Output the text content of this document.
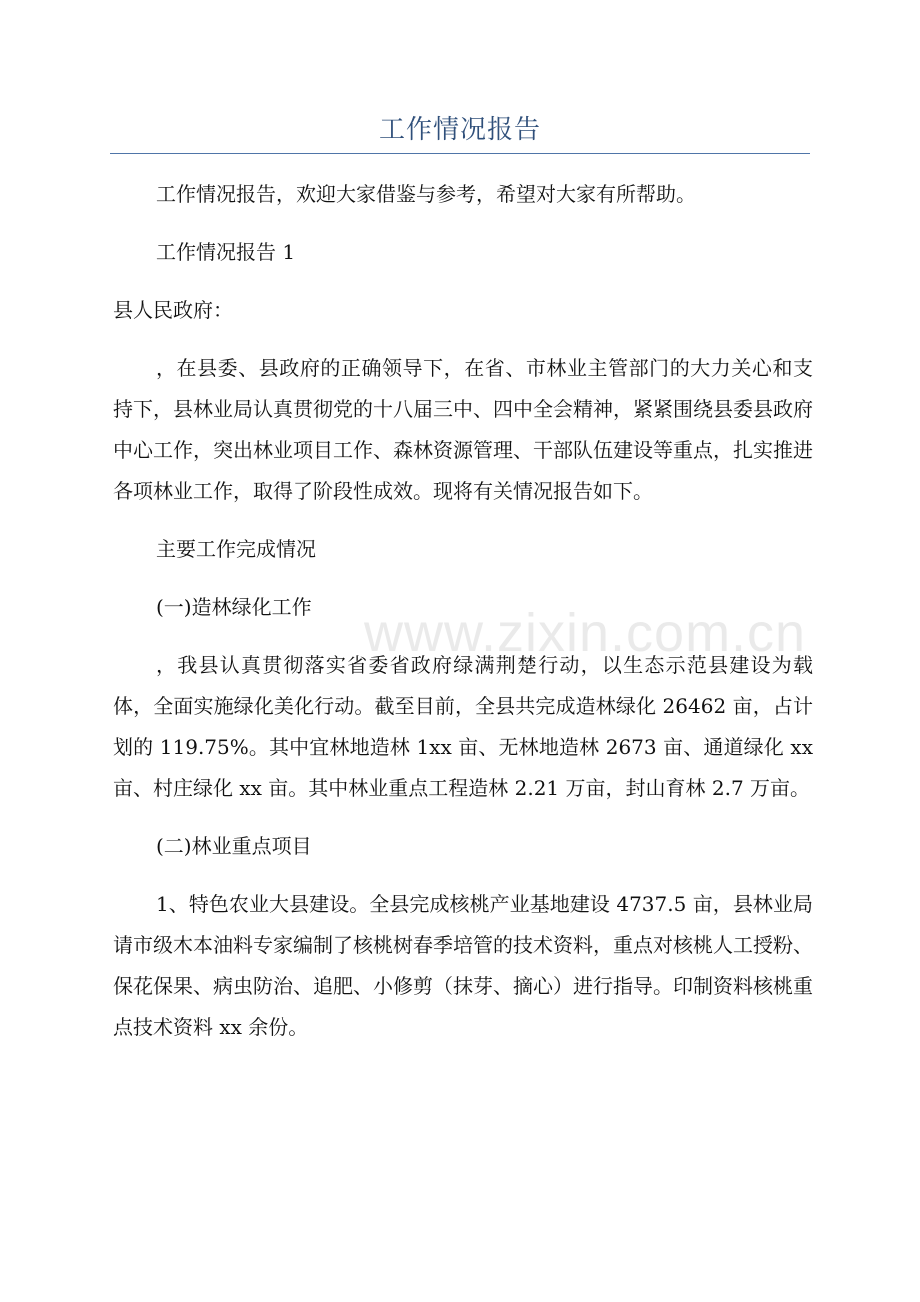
工作情况报告

工作情况报告，欢迎大家借鉴与参考，希望对大家有所帮助。

工作情况报告 1

县人民政府：

，在县委、县政府的正确领导下，在省、市林业主管部门的大力关心和支持下，县林业局认真贯彻党的十八届三中、四中全会精神，紧紧围绕县委县政府中心工作，突出林业项目工作、森林资源管理、干部队伍建设等重点，扎实推进各项林业工作，取得了阶段性成效。现将有关情况报告如下。

主要工作完成情况

(一)造林绿化工作

，我县认真贯彻落实省委省政府绿满荆楚行动，以生态示范县建设为载体，全面实施绿化美化行动。截至目前，全县共完成造林绿化 26462 亩，占计划的 119.75%。其中宜林地造林 1xx 亩、无林地造林 2673 亩、通道绿化 xx 亩、村庄绿化 xx 亩。其中林业重点工程造林 2.21 万亩，封山育林 2.7 万亩。

(二)林业重点项目

1、特色农业大县建设。全县完成核桃产业基地建设 4737.5 亩，县林业局请市级木本油料专家编制了核桃树春季培管的技术资料，重点对核桃人工授粉、保花保果、病虫防治、追肥、小修剪（抹芽、摘心）进行指导。印制资料核桃重点技术资料 xx 余份。

www.zixin.com.cn
